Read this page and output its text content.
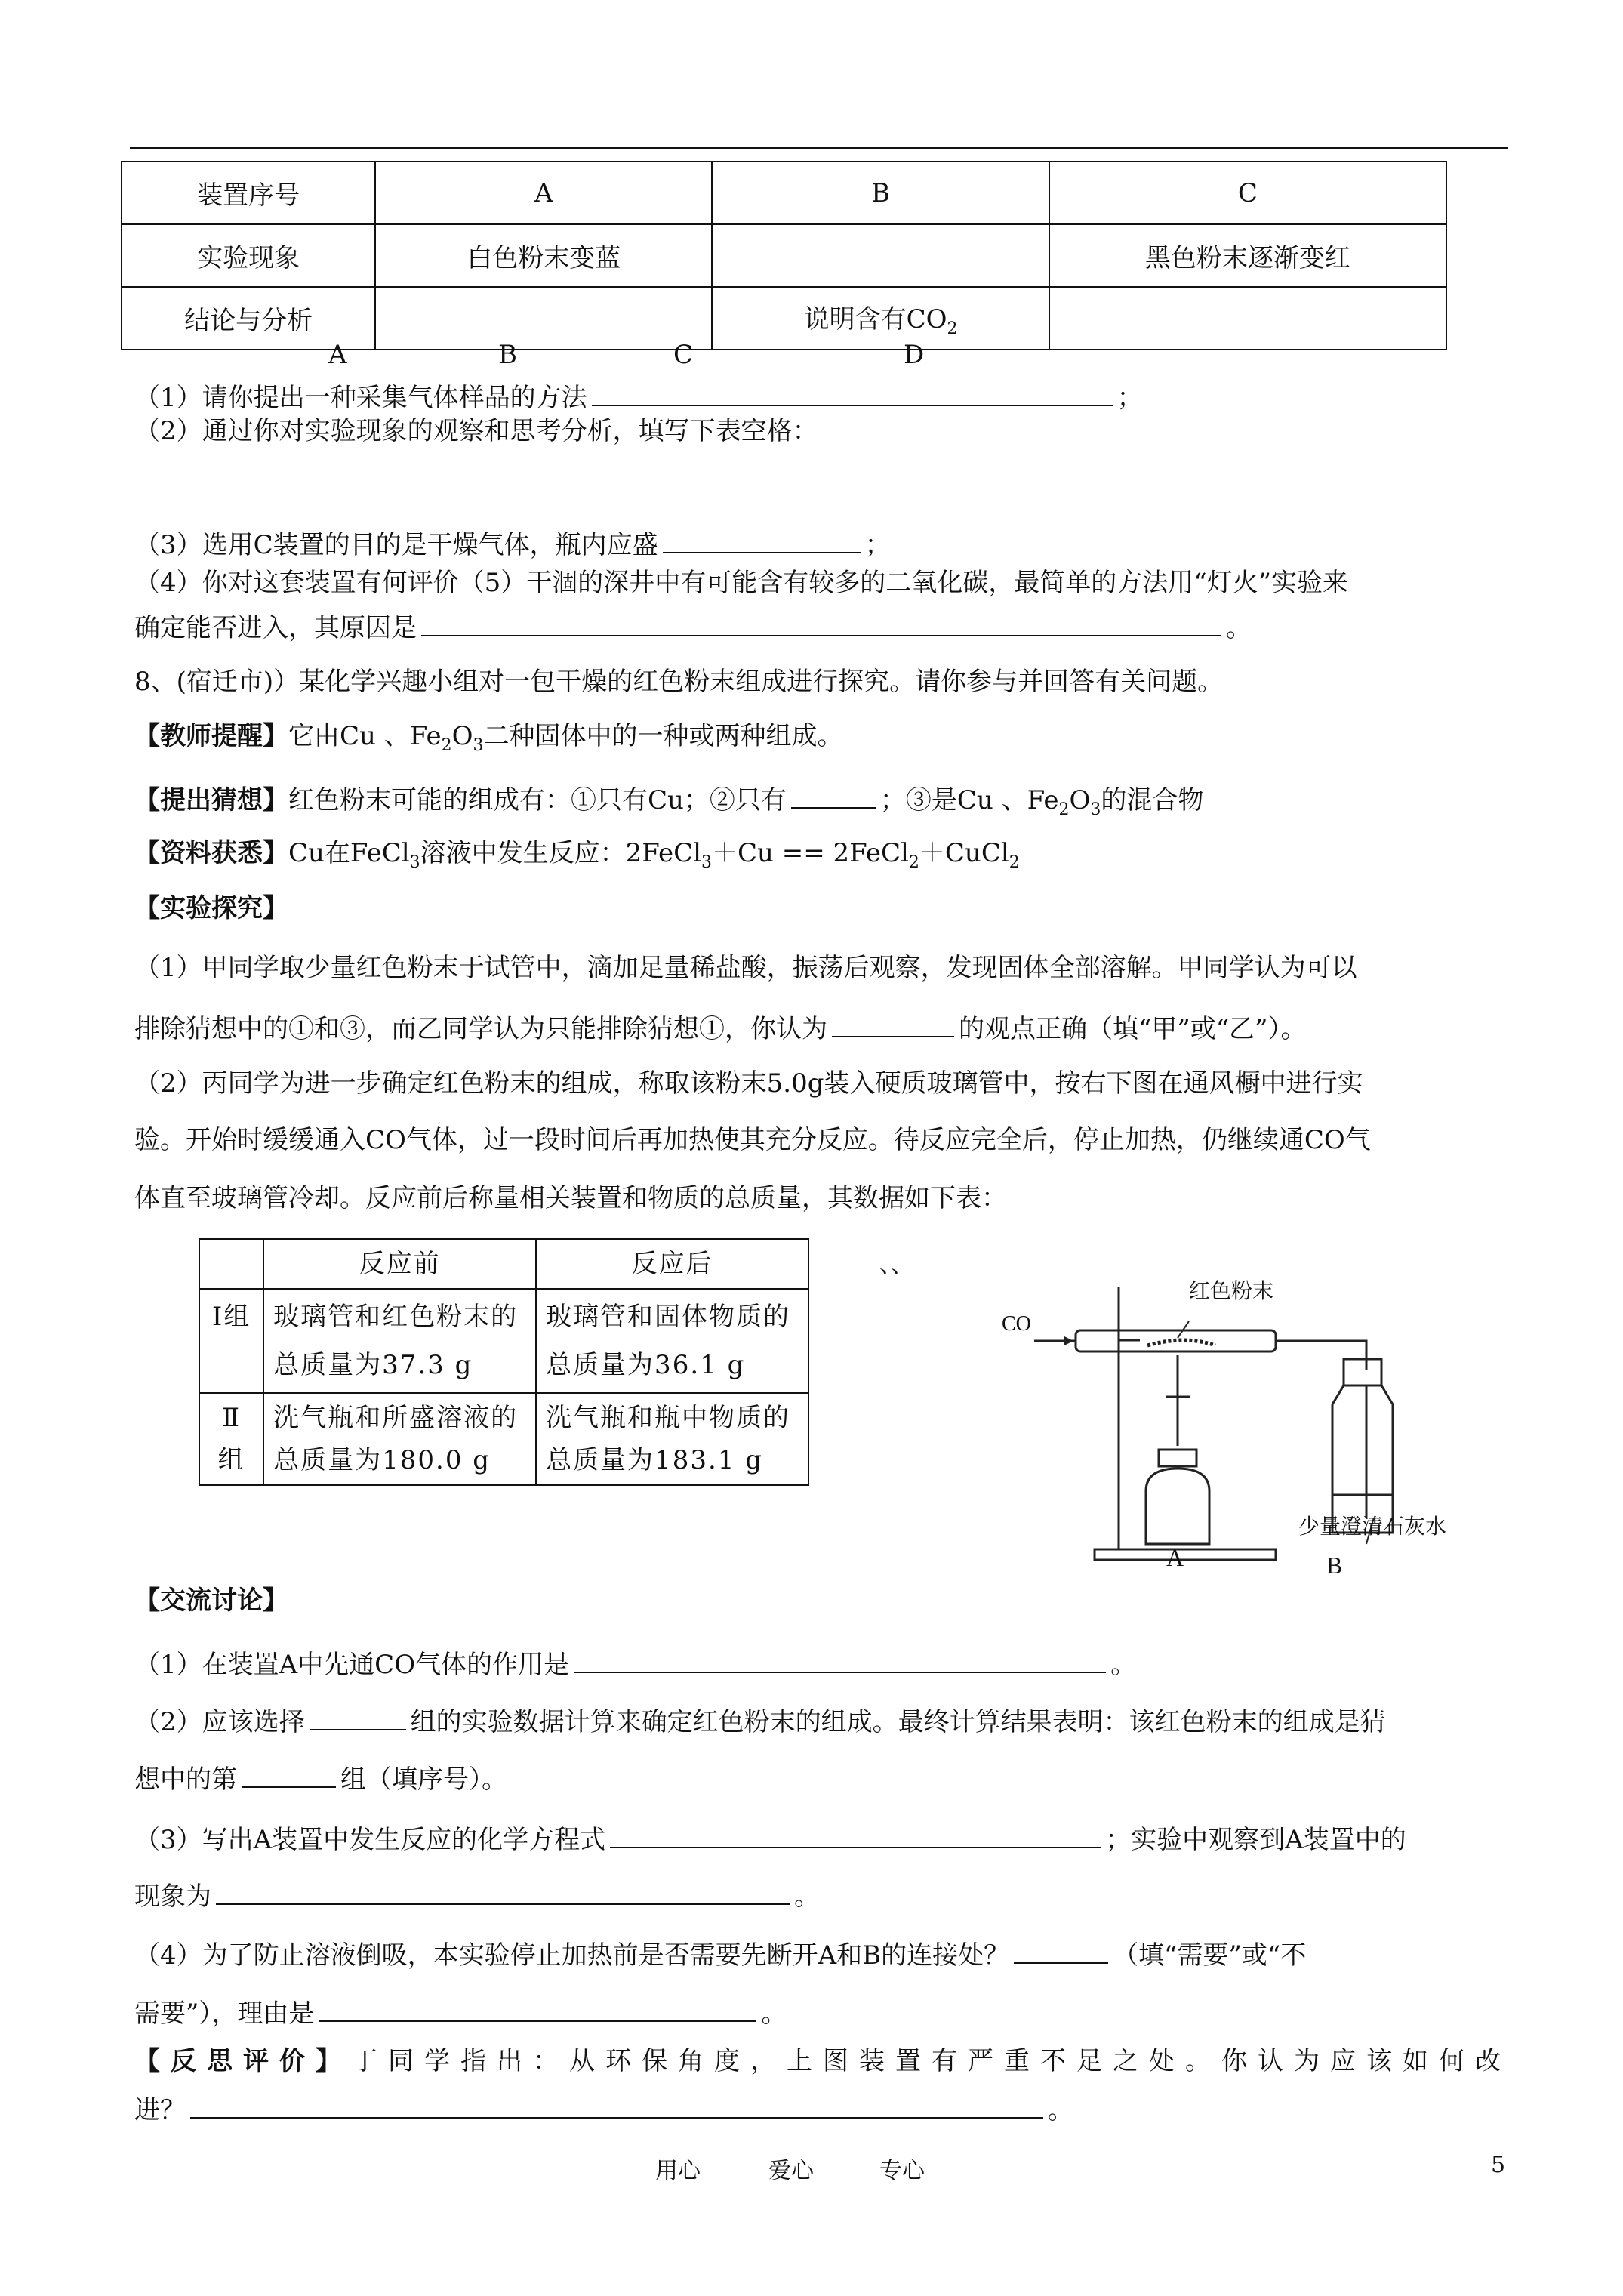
装置序号	A	B	C
实验现象	白色粉末变蓝		黑色粉末逐渐变红
结论与分析		说明含有$CO_2$	
A	B	C	D
（1）请你提出一种采集气体样品的方法	；
（2）通过你对实验现象的观察和思考分析，填写下表空格：
（3）选用C装置的目的是干燥气体，瓶内应盛	；
（4）你对这套装置有何评价（5）干涸的深井中有可能含有较多的二氧化碳，最简单的方法用“灯火”实验来
确定能否进入，其原因是	。
8、(宿迁市)）某化学兴趣小组对一包干燥的红色粉末组成进行探究。请你参与并回答有关问题。
【教师提醒】它由Cu 、$Fe_2O_3$二种固体中的一种或两种组成。
【提出猜想】红色粉末可能的组成有：①只有Cu；②只有	；③是Cu 、$Fe_2O_3$的混合物
【资料获悉】Cu在FeCl$_3$溶液中发生反应：2FeCl$_3$＋Cu == 2FeCl$_2$＋CuCl$_2$
【实验探究】
（1）甲同学取少量红色粉末于试管中，滴加足量稀盐酸，振荡后观察，发现固体全部溶解。甲同学认为可以
排除猜想中的①和③，而乙同学认为只能排除猜想①，你认为	的观点正确（填“甲”或“乙”）。
（2）丙同学为进一步确定红色粉末的组成，称取该粉末5.0g装入硬质玻璃管中，按右下图在通风橱中进行实
验。开始时缓缓通入CO气体，过一段时间后再加热使其充分反应。待反应完全后，停止加热，仍继续通CO气
体直至玻璃管冷却。反应前后称量相关装置和物质的总质量，其数据如下表：
	反应前	反应后
Ⅰ组	玻璃管和红色粉末的总质量为37.3 g	玻璃管和固体物质的总质量为36.1 g
Ⅱ组	洗气瓶和所盛溶液的总质量为180.0 g	洗气瓶和瓶中物质的总质量为183.1 g
、、
CO
红色粉末
少量澄清石灰水
A	B
【交流讨论】
（1）在装置A中先通CO气体的作用是	。
（2）应该选择	组的实验数据计算来确定红色粉末的组成。最终计算结果表明：该红色粉末的组成是猜
想中的第	组（填序号）。
（3）写出A装置中发生反应的化学方程式	；实验中观察到A装置中的
现象为	。
（4）为了防止溶液倒吸，本实验停止加热前是否需要先断开A和B的连接处？	（填“需要”或“不
需要”），理由是	。
【反思评价】丁同学指出：从环保角度，上图装置有严重不足之处。你认为应该如何改
进？	。
用心	爱心	专心	5
